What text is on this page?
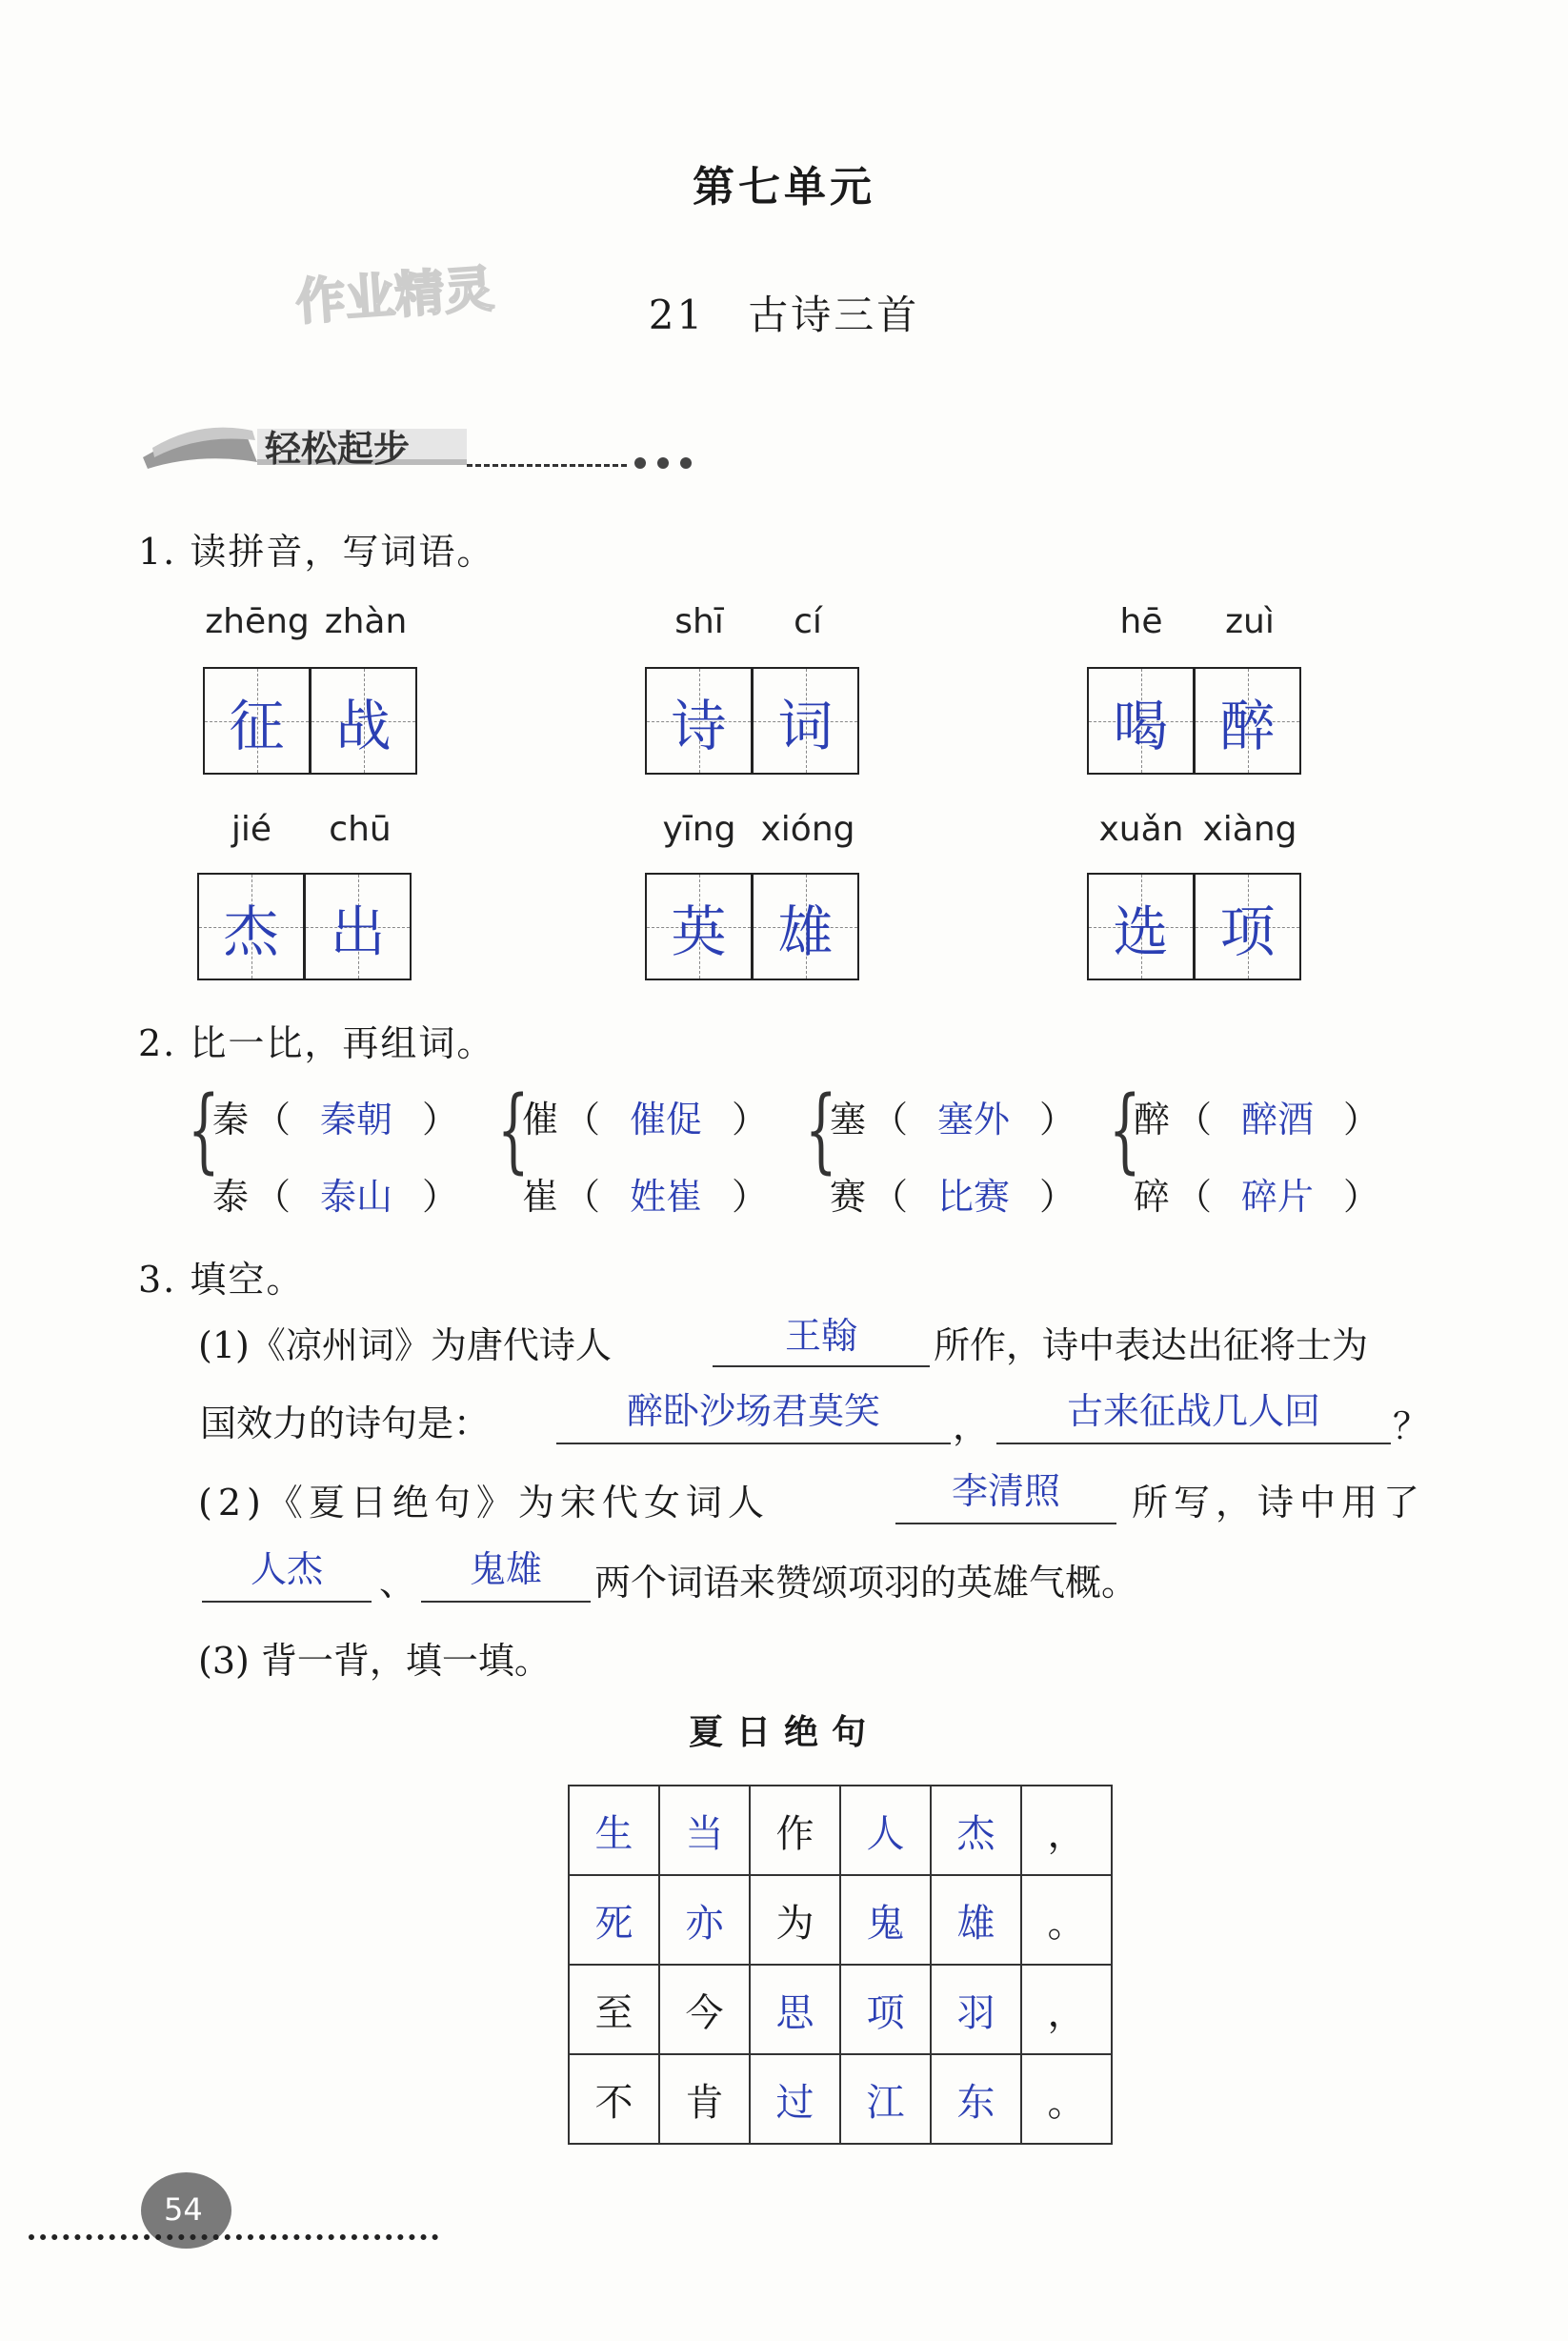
第七单元
21　古诗三首
作业精灵
轻松起步
1. 读拼音，写词语。
zhēng
征
zhàn
战
shī
诗
cí
词
hē
喝
zuì
醉
jié
杰
chū
出
yīng
英
xióng
雄
xuǎn
选
xiàng
项
2. 比一比，再组词。
{
秦 （ 秦朝 ）
泰 （ 泰山 ）
{
催 （ 催促 ）
崔 （ 姓崔 ）
{
塞 （ 塞外 ）
赛 （ 比赛 ）
{
醉 （ 醉酒 ）
碎 （ 碎片 ）
3. 填空。
(1)《凉州词》为唐代诗人	王翰	所作，诗中表达出征将士为
国效力的诗句是：	醉卧沙场君莫笑	，	古来征战几人回	？
(2)《夏日绝句》为宋代女词人	李清照	所写，诗中用了
人杰	、	鬼雄	两个词语来赞颂项羽的英雄气概。
(3) 背一背，填一填。
夏日绝句
生	当	作	人	杰	，
死	亦	为	鬼	雄	。
至	今	思	项	羽	，
不	肯	过	江	东	。
54
